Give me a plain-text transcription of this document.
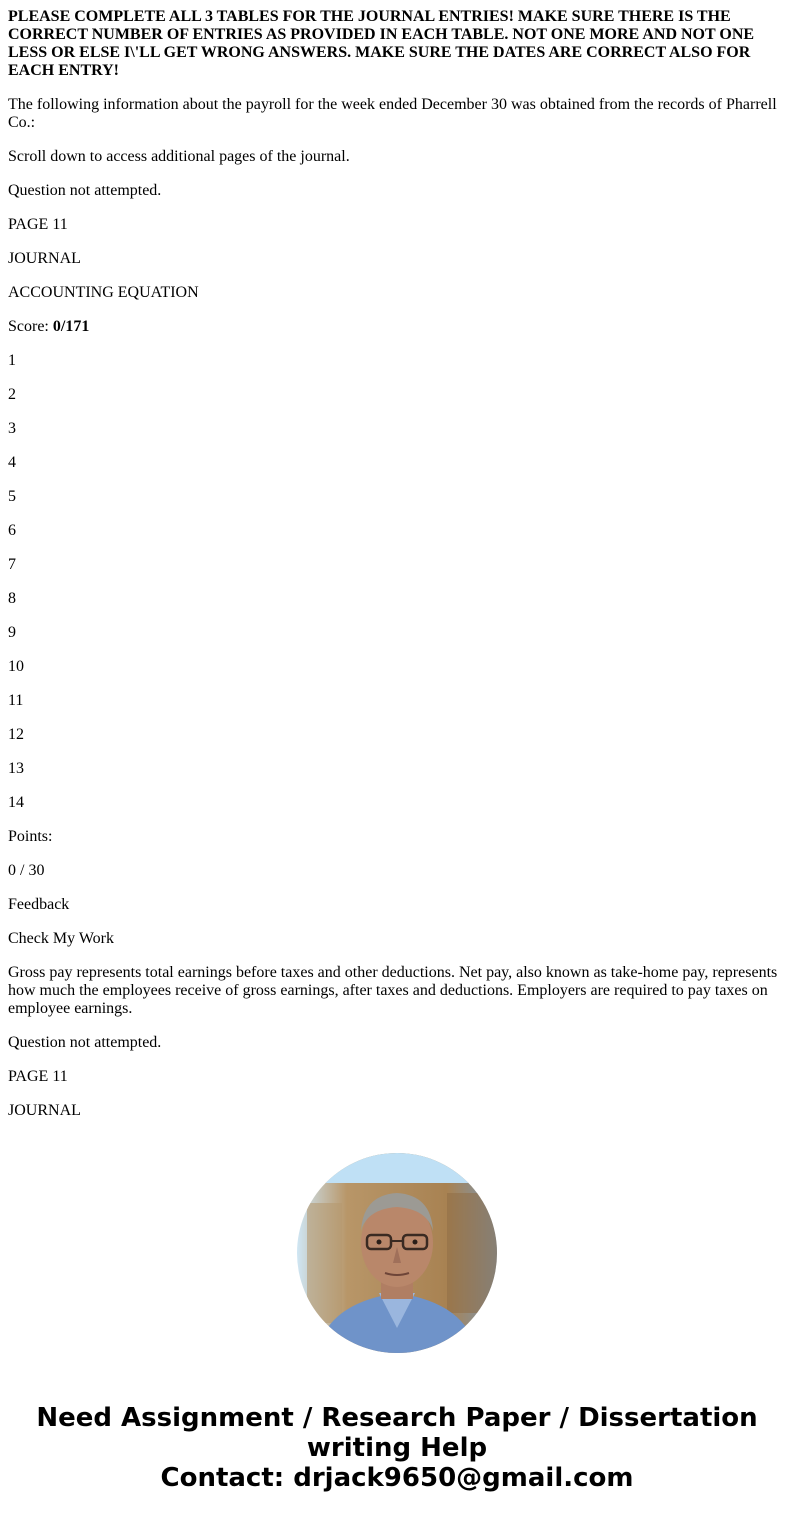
PLEASE COMPLETE ALL 3 TABLES FOR THE JOURNAL ENTRIES! MAKE SURE THERE IS THE CORRECT NUMBER OF ENTRIES AS PROVIDED IN EACH TABLE. NOT ONE MORE AND NOT ONE LESS OR ELSE I\'LL GET WRONG ANSWERS. MAKE SURE THE DATES ARE CORRECT ALSO FOR EACH ENTRY!

The following information about the payroll for the week ended December 30 was obtained from the records of Pharrell Co.:

Scroll down to access additional pages of the journal.

Question not attempted.

PAGE 11

JOURNAL

ACCOUNTING EQUATION

Score: 0/171

1

2

3

4

5

6

7

8

9

10

11

12

13

14

Points:

0 / 30

Feedback

Check My Work

Gross pay represents total earnings before taxes and other deductions. Net pay, also known as take-home pay, represents how much the employees receive of gross earnings, after taxes and deductions. Employers are required to pay taxes on employee earnings.

Question not attempted.

PAGE 11

JOURNAL

Need Assignment / Research Paper / Dissertation
writing Help
Contact: drjack9650@gmail.com
